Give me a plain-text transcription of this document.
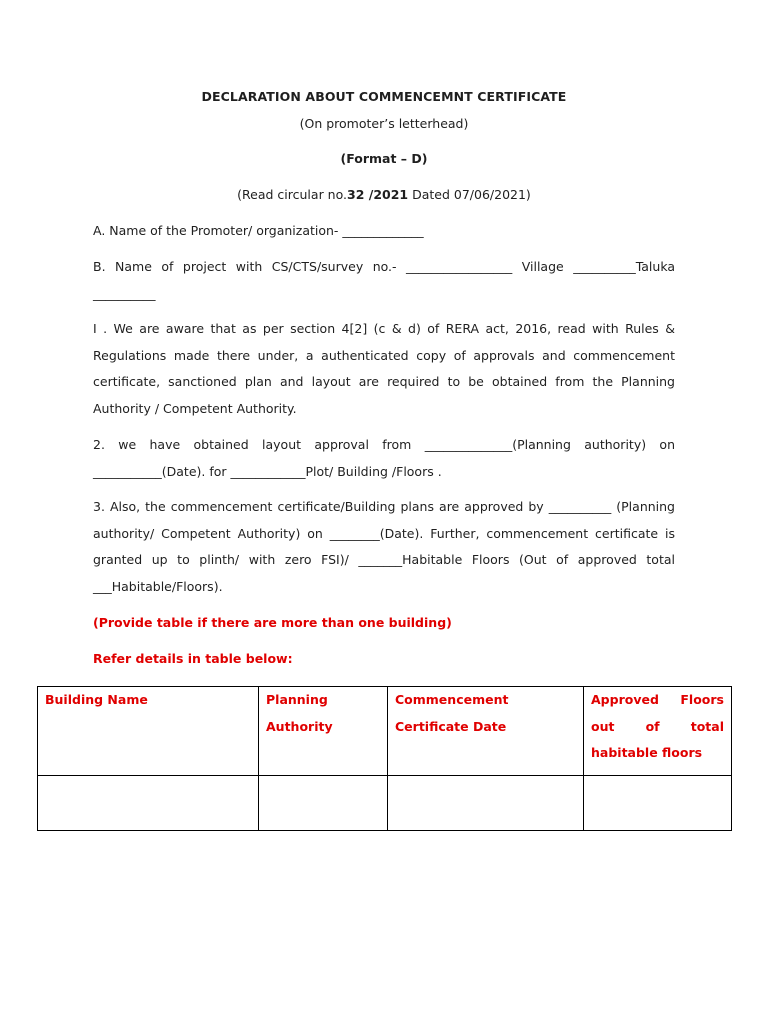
DECLARATION ABOUT COMMENCEMNT CERTIFICATE
(On promoter’s letterhead)
(Format – D)
(Read circular no.32 /2021 Dated 07/06/2021)

A. Name of the Promoter/ organization- _____________

B. Name of project with CS/CTS/survey no.- _________________ Village __________Taluka __________

I . We are aware that as per section 4[2] (c & d) of RERA act, 2016, read with Rules & Regulations made there under, a authenticated copy of approvals and commencement certificate, sanctioned plan and layout are required to be obtained from the Planning Authority / Competent Authority.

2. we have obtained layout approval from ______________(Planning authority) on ___________(Date). for ____________Plot/ Building /Floors .

3. Also, the commencement certificate/Building plans are approved by __________ (Planning authority/ Competent Authority) on ________(Date). Further, commencement certificate is granted up to plinth/ with zero FSI)/ _______Habitable Floors (Out of approved total ___Habitable/Floors).

(Provide table if there are more than one building)

Refer details in table below:

Building Name	Planning Authority	Commencement Certificate Date	Approved Floors out of total habitable floors
